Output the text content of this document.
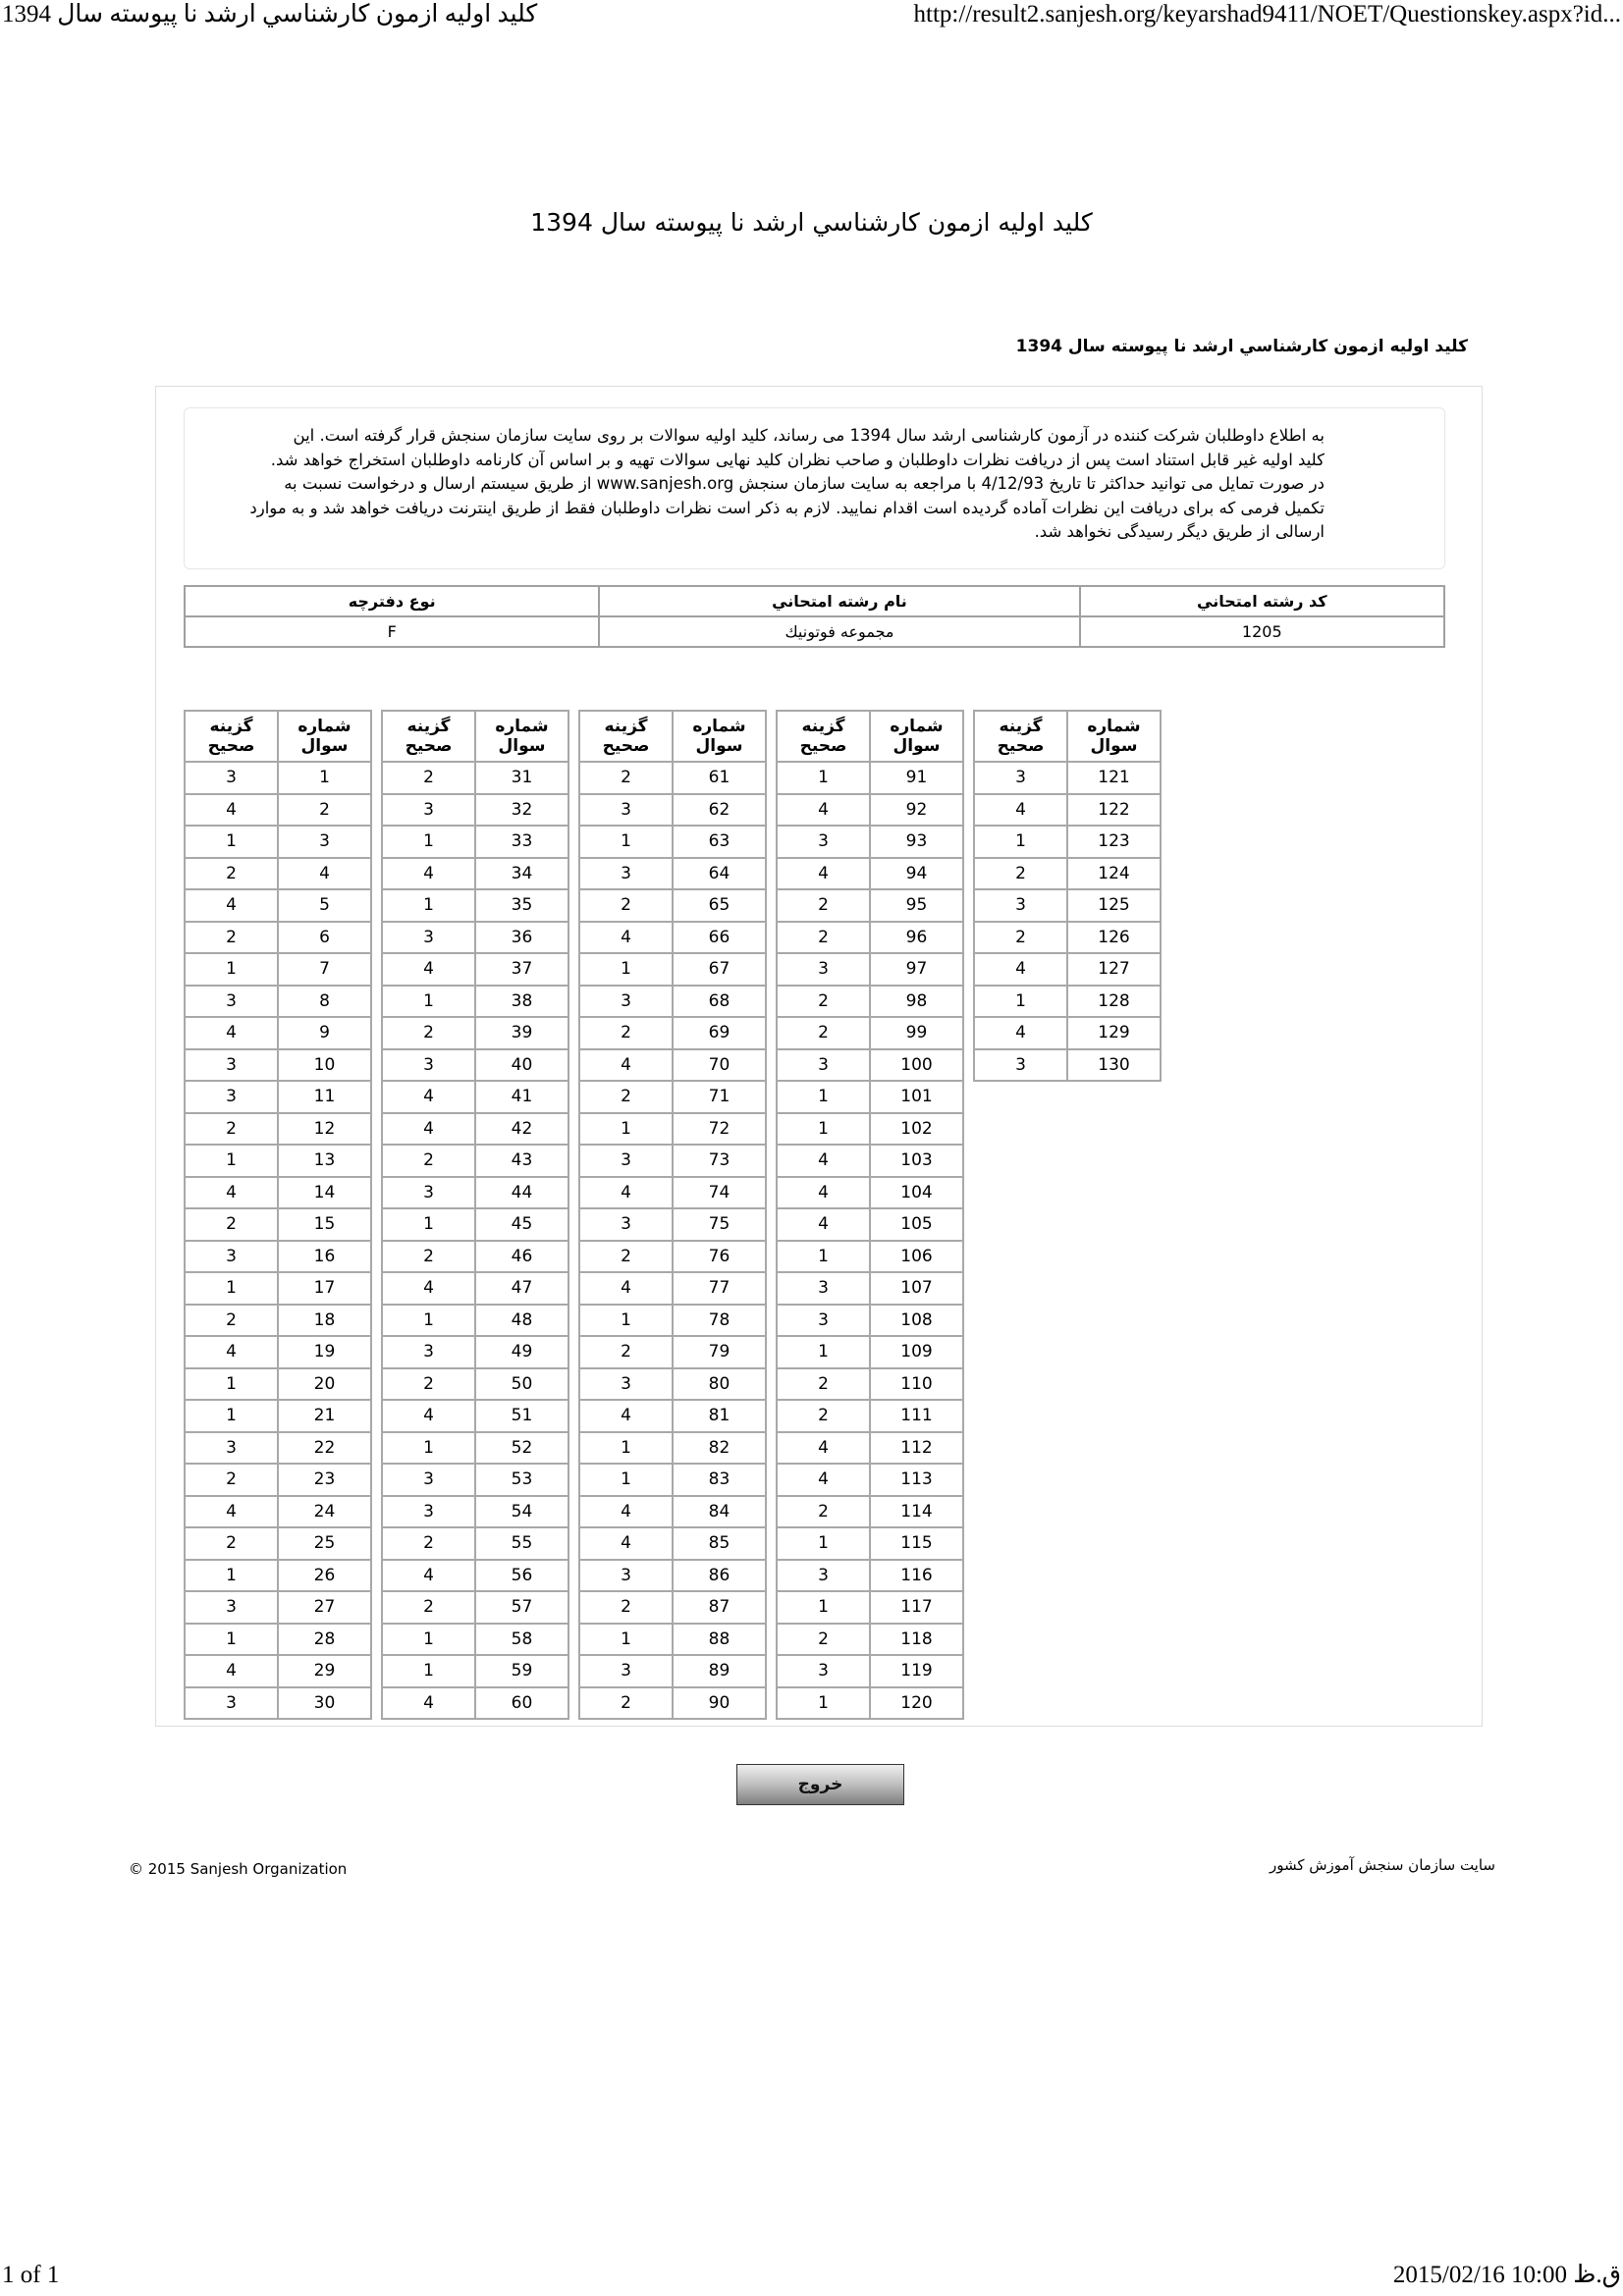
كليد اوليه ازمون كارشناسي ارشد نا پيوسته سال 1394	http://result2.sanjesh.org/keyarshad9411/NOET/Questionskey.aspx?id...
كليد اوليه ازمون كارشناسي ارشد نا پيوسته سال 1394
كليد اوليه ازمون كارشناسي ارشد نا پيوسته سال 1394
به اطلاع داوطلبان شرکت کننده در آزمون کارشناسی ارشد سال 1394 می رساند، کلید اولیه سوالات بر روی سایت سازمان سنجش قرار گرفته است. این
کلید اولیه غیر قابل استناد است پس از دریافت نظرات داوطلبان و صاحب نظران کلید نهایی سوالات تهیه و بر اساس آن کارنامه داوطلبان استخراج خواهد شد.
در صورت تمایل می توانید حداکثر تا تاریخ 4/12/93 با مراجعه به سایت سازمان سنجش www.sanjesh.org از طریق سیستم ارسال و درخواست نسبت به
تکمیل فرمی که برای دریافت این نظرات آماده گردیده است اقدام نمایید. لازم به ذکر است نظرات داوطلبان فقط از طریق اینترنت دریافت خواهد شد و به موارد
ارسالی از طریق دیگر رسیدگی نخواهد شد.
كد رشته امتحاني	نام رشته امتحاني	نوع دفترچه
1205	مجموعه فوتونيك	F
شماره
سوال	گزينه
صحيح
1	3
2	4
3	1
4	2
5	4
6	2
7	1
8	3
9	4
10	3
11	3
12	2
13	1
14	4
15	2
16	3
17	1
18	2
19	4
20	1
21	1
22	3
23	2
24	4
25	2
26	1
27	3
28	1
29	4
30	3
شماره
سوال	گزينه
صحيح
31	2
32	3
33	1
34	4
35	1
36	3
37	4
38	1
39	2
40	3
41	4
42	4
43	2
44	3
45	1
46	2
47	4
48	1
49	3
50	2
51	4
52	1
53	3
54	3
55	2
56	4
57	2
58	1
59	1
60	4
شماره
سوال	گزينه
صحيح
61	2
62	3
63	1
64	3
65	2
66	4
67	1
68	3
69	2
70	4
71	2
72	1
73	3
74	4
75	3
76	2
77	4
78	1
79	2
80	3
81	4
82	1
83	1
84	4
85	4
86	3
87	2
88	1
89	3
90	2
شماره
سوال	گزينه
صحيح
91	1
92	4
93	3
94	4
95	2
96	2
97	3
98	2
99	2
100	3
101	1
102	1
103	4
104	4
105	4
106	1
107	3
108	3
109	1
110	2
111	2
112	4
113	4
114	2
115	1
116	3
117	1
118	2
119	3
120	1
شماره
سوال	گزينه
صحيح
121	3
122	4
123	1
124	2
125	3
126	2
127	4
128	1
129	4
130	3
خروج
© 2015 Sanjesh Organization	سايت سازمان سنجش آموزش كشور
1 of 1	2015/02/16 10:00 ق.ظ
